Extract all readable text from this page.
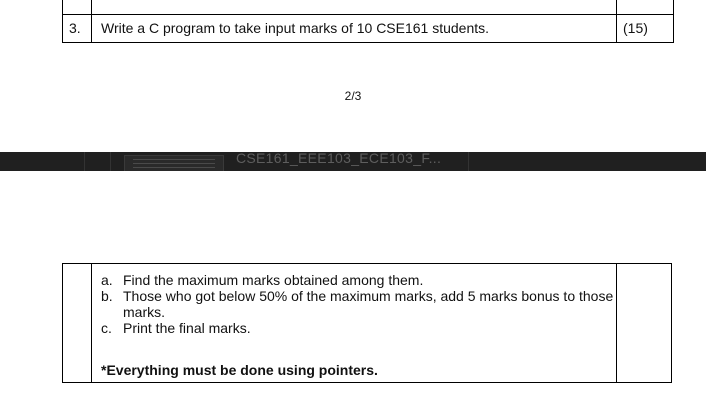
3. Write a C program to take input marks of 10 CSE161 students.	(15)
2/3
CSE161_EEE103_ECE103_F...
a. Find the maximum marks obtained among them.
b. Those who got below 50% of the maximum marks, add 5 marks bonus to those marks.
c. Print the final marks.
*Everything must be done using pointers.
